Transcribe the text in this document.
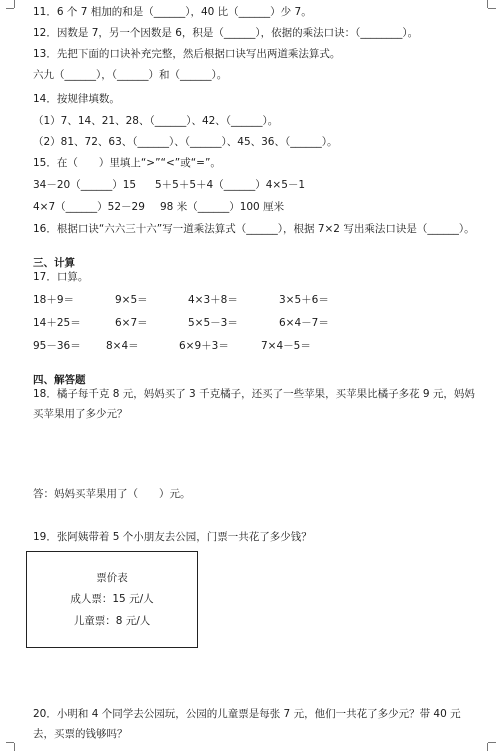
11．6 个 7 相加的和是（______），40 比（______）少 7。
12．因数是 7，另一个因数是 6，积是（______），依据的乘法口诀：（________）。
13．先把下面的口诀补充完整，然后根据口诀写出两道乘法算式。
六九（______），（______）和（______）。
14．按规律填数。
（1）7、14、21、28、（______）、42、（______）。
（2）81、72、63、（______）、（______）、45、36、（______）。
15．在（　　）里填上“>”“<”或“=”。
34－20（______）15 5＋5＋5＋4（______）4×5－1
4×7（______）52－29 98 米（______）100 厘米
16．根据口诀“六六三十六”写一道乘法算式（______），根据 7×2 写出乘法口诀是（______）。
三、计算
17．口算。
18＋9＝	9×5＝	4×3＋8＝	3×5＋6＝
14＋25＝	6×7＝	5×5－3＝	6×4－7＝
95－36＝ 8×4＝	6×9＋3＝	7×4－5＝
四、解答题
18．橘子每千克 8 元，妈妈买了 3 千克橘子，还买了一些苹果，买苹果比橘子多花 9 元，妈妈买苹果用了多少元？
答：妈妈买苹果用了（　　）元。
19．张阿姨带着 5 个小朋友去公园，门票一共花了多少钱？
票价表
成人票：15 元/人
儿童票：8 元/人
20．小明和 4 个同学去公园玩，公园的儿童票是每张 7 元，他们一共花了多少元？带 40 元去，买票的钱够吗？
